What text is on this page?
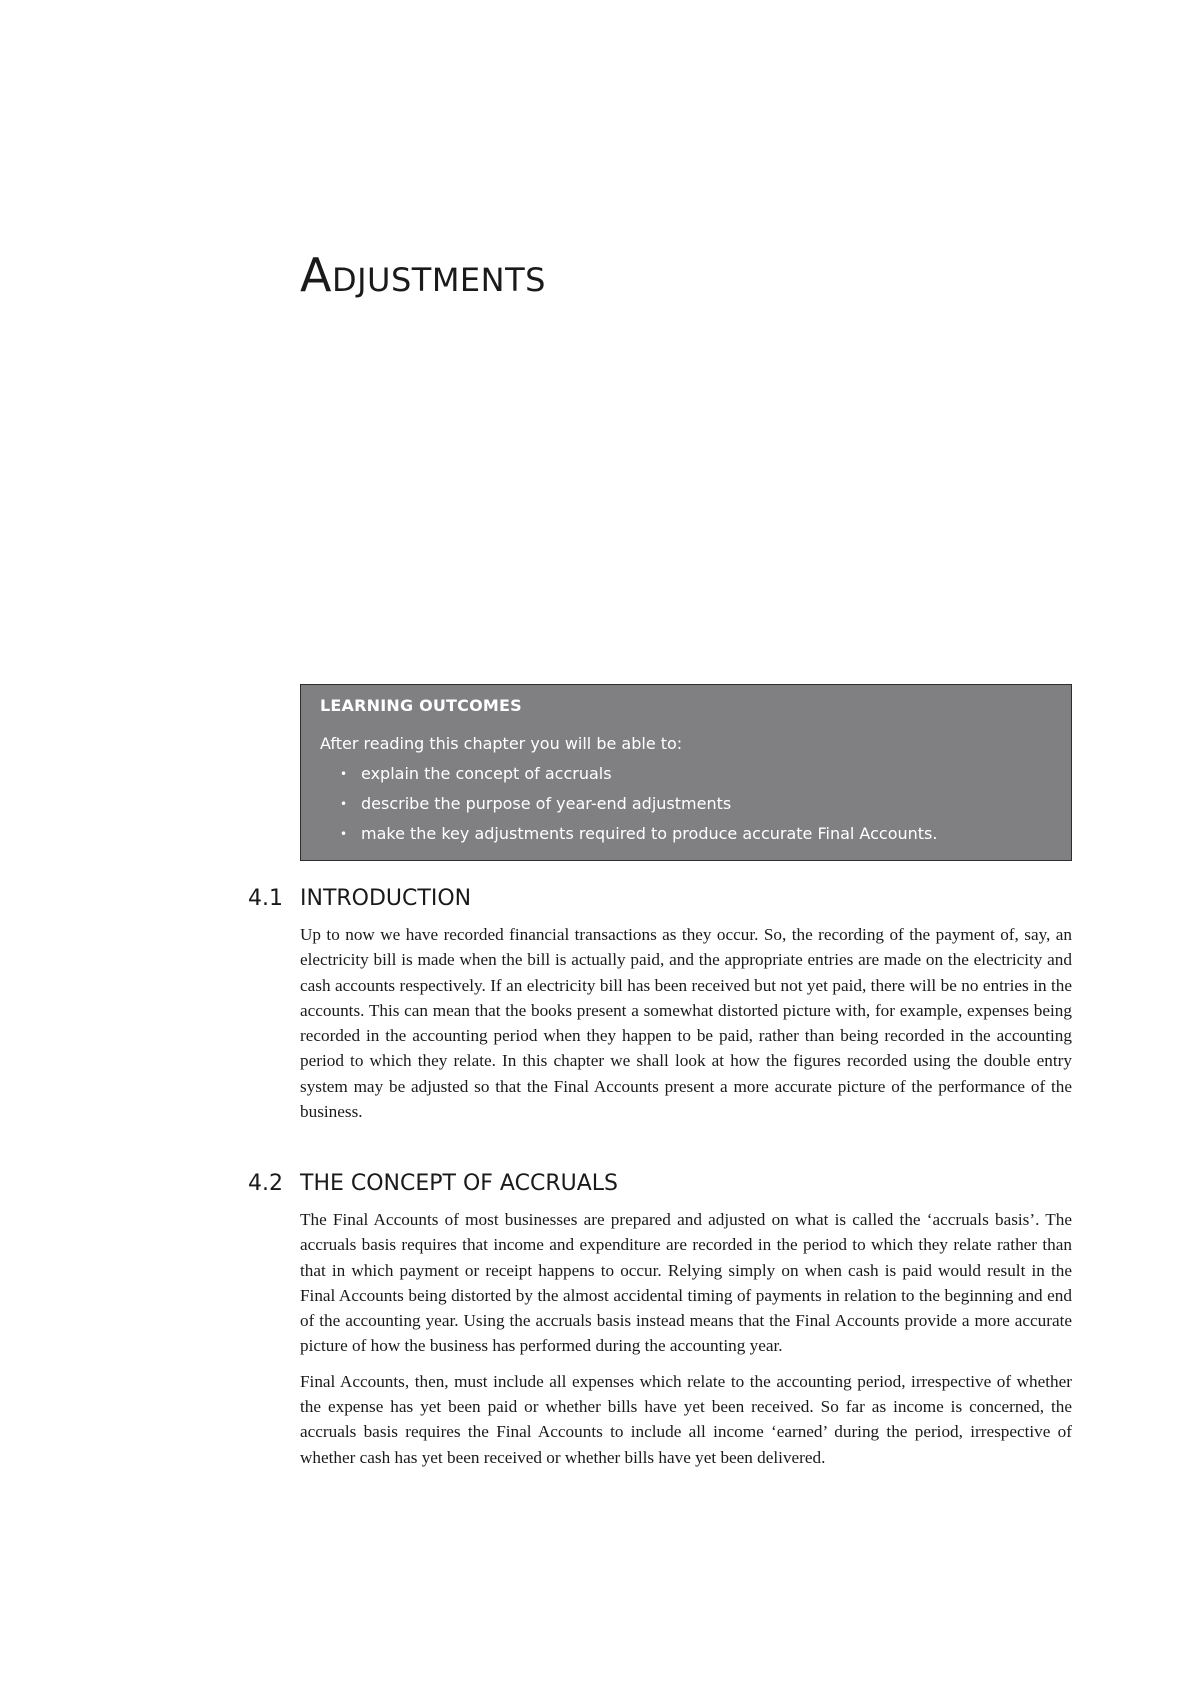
Adjustments

LEARNING OUTCOMES

After reading this chapter you will be able to:

• explain the concept of accruals
• describe the purpose of year-end adjustments
• make the key adjustments required to produce accurate Final Accounts.
4.1 INTRODUCTION

Up to now we have recorded financial transactions as they occur. So, the recording of the payment of, say, an electricity bill is made when the bill is actually paid, and the appropriate entries are made on the electricity and cash accounts respectively. If an electricity bill has been received but not yet paid, there will be no entries in the accounts. This can mean that the books present a somewhat distorted picture with, for example, expenses being recorded in the accounting period when they happen to be paid, rather than being recorded in the accounting period to which they relate. In this chapter we shall look at how the figures recorded using the double entry system may be adjusted so that the Final Accounts present a more accurate picture of the performance of the business.

4.2 THE CONCEPT OF ACCRUALS

The Final Accounts of most businesses are prepared and adjusted on what is called the ‘accruals basis’. The accruals basis requires that income and expenditure are recorded in the period to which they relate rather than that in which payment or receipt happens to occur. Relying simply on when cash is paid would result in the Final Accounts being distorted by the almost accidental timing of payments in relation to the beginning and end of the accounting year. Using the accruals basis instead means that the Final Accounts provide a more accurate picture of how the business has performed during the accounting year.

Final Accounts, then, must include all expenses which relate to the accounting period, irrespective of whether the expense has yet been paid or whether bills have yet been received. So far as income is concerned, the accruals basis requires the Final Accounts to include all income ‘earned’ during the period, irrespective of whether cash has yet been received or whether bills have yet been delivered.
